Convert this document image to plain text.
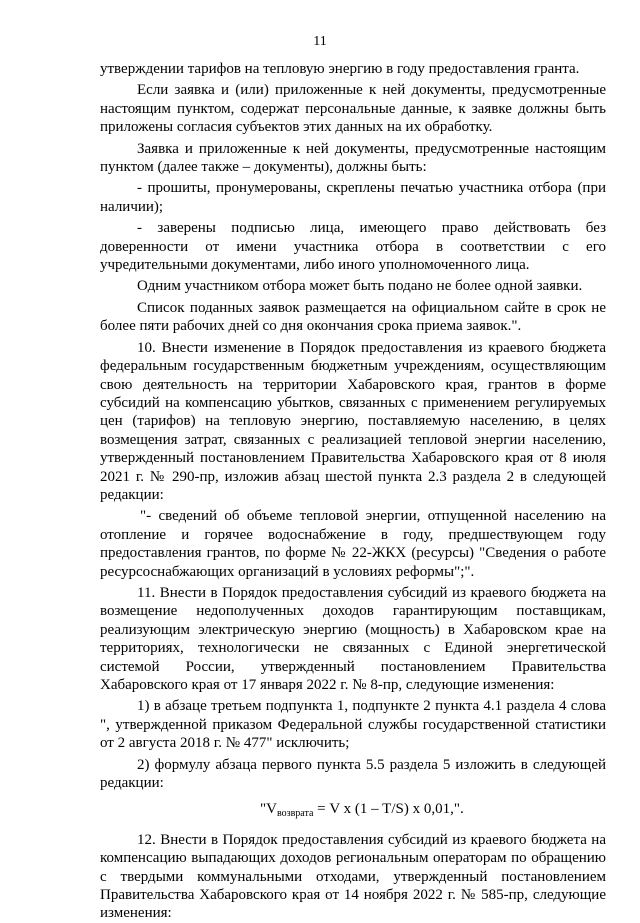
11

утверждении тарифов на тепловую энергию в году предоставления гранта.

Если заявка и (или) приложенные к ней документы, предусмотренные настоящим пунктом, содержат персональные данные, к заявке должны быть приложены согласия субъектов этих данных на их обработку.

Заявка и приложенные к ней документы, предусмотренные настоящим пунктом (далее также – документы), должны быть:

- прошиты, пронумерованы, скреплены печатью участника отбора (при наличии);

- заверены подписью лица, имеющего право действовать без доверенности от имени участника отбора в соответствии с его учредительными документами, либо иного уполномоченного лица.

Одним участником отбора может быть подано не более одной заявки.

Список поданных заявок размещается на официальном сайте в срок не более пяти рабочих дней со дня окончания срока приема заявок.".

10. Внести изменение в Порядок предоставления из краевого бюджета федеральным государственным бюджетным учреждениям, осуществляющим свою деятельность на территории Хабаровского края, грантов в форме субсидий на компенсацию убытков, связанных с применением регулируемых цен (тарифов) на тепловую энергию, поставляемую населению, в целях возмещения затрат, связанных с реализацией тепловой энергии населению, утвержденный постановлением Правительства Хабаровского края от 8 июля 2021 г. № 290-пр, изложив абзац шестой пункта 2.3 раздела 2 в следующей редакции:

"- сведений об объеме тепловой энергии, отпущенной населению на отопление и горячее водоснабжение в году, предшествующем году предоставления грантов, по форме № 22-ЖКХ (ресурсы) "Сведения о работе ресурсоснабжающих организаций в условиях реформы";".

11. Внести в Порядок предоставления субсидий из краевого бюджета на возмещение недополученных доходов гарантирующим поставщикам, реализующим электрическую энергию (мощность) в Хабаровском крае на территориях, технологически не связанных с Единой энергетической системой России, утвержденный постановлением Правительства Хабаровского края от 17 января 2022 г. № 8-пр, следующие изменения:

1) в абзаце третьем подпункта 1, подпункте 2 пункта 4.1 раздела 4 слова ", утвержденной приказом Федеральной службы государственной статистики от 2 августа 2018 г. № 477" исключить;

2) формулу абзаца первого пункта 5.5 раздела 5 изложить в следующей редакции:

"$V_{возврата} = V$ x (1 – T/S) x 0,01,".

12. Внести в Порядок предоставления субсидий из краевого бюджета на компенсацию выпадающих доходов региональным операторам по обращению с твердыми коммунальными отходами, утвержденный постановлением Правительства Хабаровского края от 14 ноября 2022 г. № 585-пр, следующие изменения:
